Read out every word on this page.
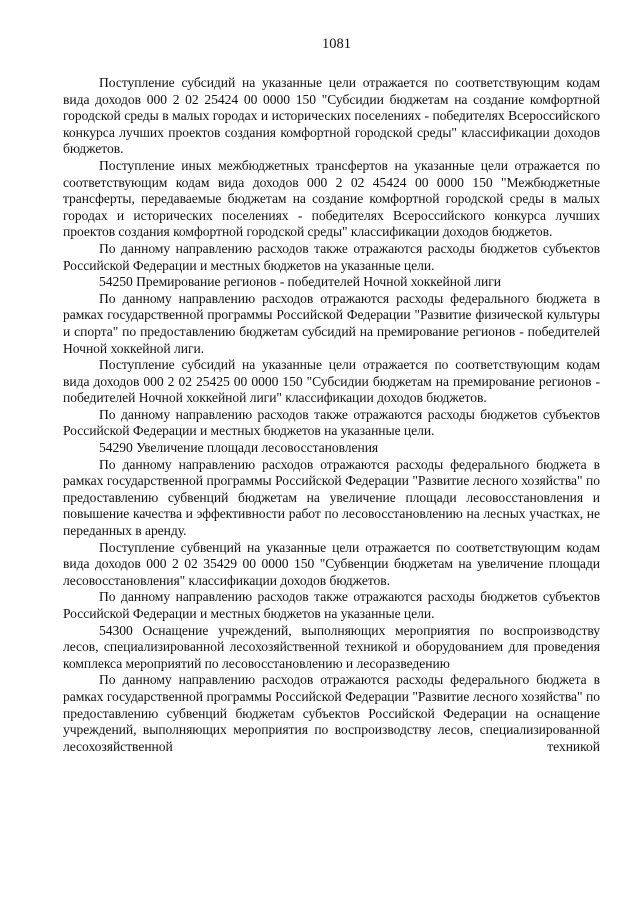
1081

Поступление субсидий на указанные цели отражается по соответствующим кодам вида доходов 000 2 02 25424 00 0000 150 "Субсидии бюджетам на создание комфортной городской среды в малых городах и исторических поселениях - победителях Всероссийского конкурса лучших проектов создания комфортной городской среды" классификации доходов бюджетов.

Поступление иных межбюджетных трансфертов на указанные цели отражается по соответствующим кодам вида доходов 000 2 02 45424 00 0000 150 "Межбюджетные трансферты, передаваемые бюджетам на создание комфортной городской среды в малых городах и исторических поселениях - победителях Всероссийского конкурса лучших проектов создания комфортной городской среды" классификации доходов бюджетов.

По данному направлению расходов также отражаются расходы бюджетов субъектов Российской Федерации и местных бюджетов на указанные цели.

54250 Премирование регионов - победителей Ночной хоккейной лиги

По данному направлению расходов отражаются расходы федерального бюджета в рамках государственной программы Российской Федерации "Развитие физической культуры и спорта" по предоставлению бюджетам субсидий на премирование регионов - победителей Ночной хоккейной лиги.

Поступление субсидий на указанные цели отражается по соответствующим кодам вида доходов 000 2 02 25425 00 0000 150 "Субсидии бюджетам на премирование регионов - победителей Ночной хоккейной лиги" классификации доходов бюджетов.

По данному направлению расходов также отражаются расходы бюджетов субъектов Российской Федерации и местных бюджетов на указанные цели.

54290 Увеличение площади лесовосстановления

По данному направлению расходов отражаются расходы федерального бюджета в рамках государственной программы Российской Федерации "Развитие лесного хозяйства" по предоставлению субвенций бюджетам на увеличение площади лесовосстановления и повышение качества и эффективности работ по лесовосстановлению на лесных участках, не переданных в аренду.

Поступление субвенций на указанные цели отражается по соответствующим кодам вида доходов 000 2 02 35429 00 0000 150 "Субвенции бюджетам на увеличение площади лесовосстановления" классификации доходов бюджетов.

По данному направлению расходов также отражаются расходы бюджетов субъектов Российской Федерации и местных бюджетов на указанные цели.

54300 Оснащение учреждений, выполняющих мероприятия по воспроизводству лесов, специализированной лесохозяйственной техникой и оборудованием для проведения комплекса мероприятий по лесовосстановлению и лесоразведению

По данному направлению расходов отражаются расходы федерального бюджета в рамках государственной программы Российской Федерации "Развитие лесного хозяйства" по предоставлению субвенций бюджетам субъектов Российской Федерации на оснащение учреждений, выполняющих мероприятия по воспроизводству лесов, специализированной лесохозяйственной техникой
